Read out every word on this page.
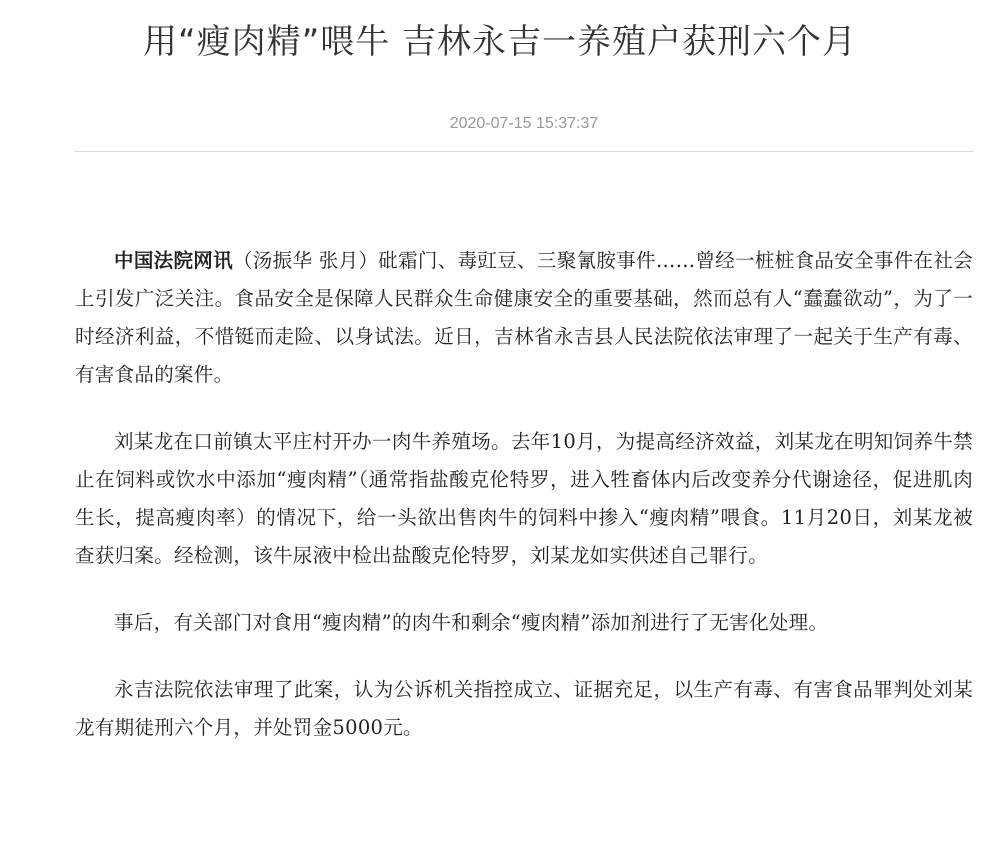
用“瘦肉精”喂牛 吉林永吉一养殖户获刑六个月
2020-07-15 15:37:37

中国法院网讯（汤振华 张月）砒霜门、毒豇豆、三聚氰胺事件……曾经一桩桩食品安全事件在社会上引发广泛关注。食品安全是保障人民群众生命健康安全的重要基础，然而总有人“蠢蠢欲动”，为了一时经济利益，不惜铤而走险、以身试法。近日，吉林省永吉县人民法院依法审理了一起关于生产有毒、有害食品的案件。

刘某龙在口前镇太平庄村开办一肉牛养殖场。去年10月，为提高经济效益，刘某龙在明知饲养牛禁止在饲料或饮水中添加“瘦肉精”（通常指盐酸克伦特罗，进入牲畜体内后改变养分代谢途径，促进肌肉生长，提高瘦肉率）的情况下，给一头欲出售肉牛的饲料中掺入“瘦肉精”喂食。11月20日，刘某龙被查获归案。经检测，该牛尿液中检出盐酸克伦特罗，刘某龙如实供述自己罪行。

事后，有关部门对食用“瘦肉精”的肉牛和剩余“瘦肉精”添加剂进行了无害化处理。

永吉法院依法审理了此案，认为公诉机关指控成立、证据充足，以生产有毒、有害食品罪判处刘某龙有期徒刑六个月，并处罚金5000元。
